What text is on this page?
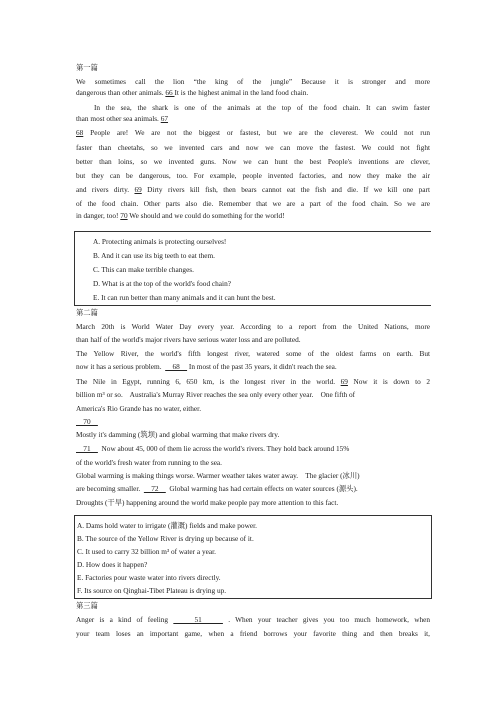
第一篇
We sometimes call the lion “the king of the jungle” Because it is stronger and more
dangerous than other animals. 66 It is the highest animal in the land food chain.
In the sea, the shark is one of the animals at the top of the food chain. It can swim faster
than most other sea animals. 67
68 People are! We are not the biggest or fastest, but we are the cleverest. We could not run
faster than cheetahs, so we invented cars and now we can move the fastest. We could not fight
better than loins, so we invented guns. Now we can hunt the best People's inventions are clever,
but they can be dangerous, too. For example, people invented factories, and now they make the air
and rivers dirty. 69 Dirty rivers kill fish, then bears cannot eat the fish and die. If we kill one part
of the food chain. Other parts also die. Remember that we are a part of the food chain. So we are
in danger, too! 70 We should and we could do something for the world!
A. Protecting animals is protecting ourselves!
B. And it can use its big teeth to eat them.
C. This can make terrible changes.
D. What is at the top of the world's food chain?
E. It can run better than many animals and it can hunt the best.
第二篇
March 20th is World Water Day every year. According to a report from the United Nations, more
than half of the world's major rivers have serious water loss and are polluted.
The Yellow River, the world's fifth longest river, watered some of the oldest farms on earth. But
now it has a serious problem.      68     In most of the past 35 years, it didn't reach the sea.
The Nile in Egypt, running 6, 650 km, is the longest river in the world. 69 Now it is down to 2
billion m³ or so.    Australia's Murray River reaches the sea only every other year.    One fifth of
America's Rio Grande has no water, either.
70
Mostly it's damming (筑坝) and global warming that make rivers dry.
71      Now about 45, 000 of them lie across the world's rivers. They hold back around 15%
of the world's fresh water from running to the sea.
Global warming is making things worse. Warmer weather takes water away.    The glacier (冰川)
are becoming smaller.      72      Global warming has had certain effects on water sources (源头).
Droughts (干旱) happening around the world make people pay more attention to this fact.
A. Dams hold water to irrigate (灌溉) fields and make power.
B. The source of the Yellow River is drying up because of it.
C. It used to carry 32 billion m³ of water a year.
D. How does it happen?
E. Factories pour waste water into rivers directly.
F. Its source on Qinghai-Tibet Plateau is drying up.
第三篇
Anger is a kind of feeling     51     . When your teacher gives you too much homework, when
your team loses an important game, when a friend borrows your favorite thing and then breaks it,
